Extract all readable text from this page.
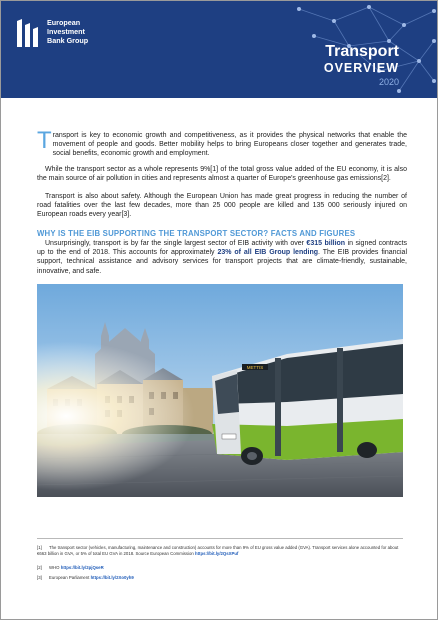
European
Investment
Bank Group
Transport
OVERVIEW
2020
Transport is key to economic growth and competitiveness, as it provides the physical networks that enable the movement of people and goods. Better mobility helps to bring Europeans closer together and generates trade, social benefits, economic growth and employment.
While the transport sector as a whole represents 9%[1] of the total gross value added of the EU economy, it is also the main source of air pollution in cities and represents almost a quarter of Europe's greenhouse gas emissions[2].
Transport is also about safety. Although the European Union has made great progress in reducing the number of road fatalities over the last few decades, more than 25 000 people are killed and 135 000 seriously injured on European roads every year[3].
WHY IS THE EIB SUPPORTING THE TRANSPORT SECTOR? FACTS AND FIGURES
Unsurprisingly, transport is by far the single largest sector of EIB activity with over €315 billion in signed contracts up to the end of 2018. This accounts for approximately 23% of all EIB Group lending. The EIB provides financial support, technical assistance and advisory services for transport projects that are climate-friendly, sustainable, innovative, and safe.
[1] The transport sector (vehicles, manufacturing, maintenance and construction) accounts for more than 9% of EU gross value added (GVA). Transport services alone accounted for about €663 billion in GVA, or 5% of total EU GVA in 2018. Source European Commission https://bit.ly/2QsXPuf
[2] WHO https://bit.ly/2pjQseR
[3] European Parliament https://bit.ly/2Xo0yh9
